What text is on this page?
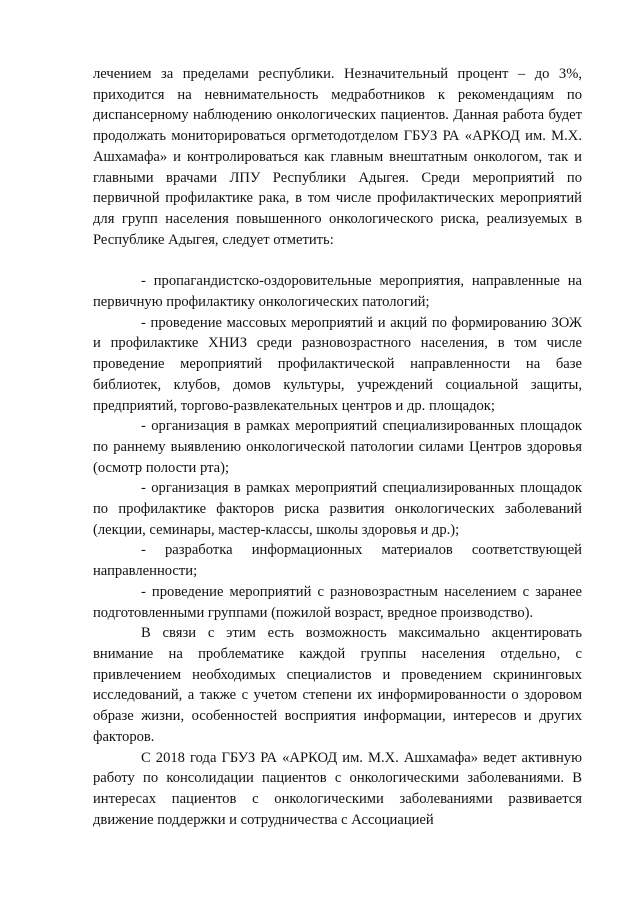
лечением за пределами республики. Незначительный процент – до 3%, приходится на невнимательность медработников к рекомендациям по диспансерному наблюдению онкологических пациентов. Данная работа будет продолжать мониторироваться оргметодотделом ГБУЗ РА «АРКОД им. М.Х. Ашхамафа» и контролироваться как главным внештатным онкологом, так и главными врачами ЛПУ Республики Адыгея. Среди мероприятий по первичной профилактике рака, в том числе профилактических мероприятий для групп населения повышенного онкологического риска, реализуемых в Республике Адыгея, следует отметить:

- пропагандистско-оздоровительные мероприятия, направленные на первичную профилактику онкологических патологий;

- проведение массовых мероприятий и акций по формированию ЗОЖ и профилактике ХНИЗ среди разновозрастного населения, в том числе проведение мероприятий профилактической направленности на базе библиотек, клубов, домов культуры, учреждений социальной защиты, предприятий, торгово-развлекательных центров и др. площадок;

- организация в рамках мероприятий специализированных площадок по раннему выявлению онкологической патологии силами Центров здоровья (осмотр полости рта);

- организация в рамках мероприятий специализированных площадок по профилактике факторов риска развития онкологических заболеваний (лекции, семинары, мастер-классы, школы здоровья и др.);

- разработка информационных материалов соответствующей направленности;

- проведение мероприятий с разновозрастным населением с заранее подготовленными группами (пожилой возраст, вредное производство).

В связи с этим есть возможность максимально акцентировать внимание на проблематике каждой группы населения отдельно, с привлечением необходимых специалистов и проведением скрининговых исследований, а также с учетом степени их информированности о здоровом образе жизни, особенностей восприятия информации, интересов и других факторов.

С 2018 года ГБУЗ РА «АРКОД им. М.Х. Ашхамафа» ведет активную работу по консолидации пациентов с онкологическими заболеваниями. В интересах пациентов с онкологическими заболеваниями развивается движение поддержки и сотрудничества с Ассоциацией
